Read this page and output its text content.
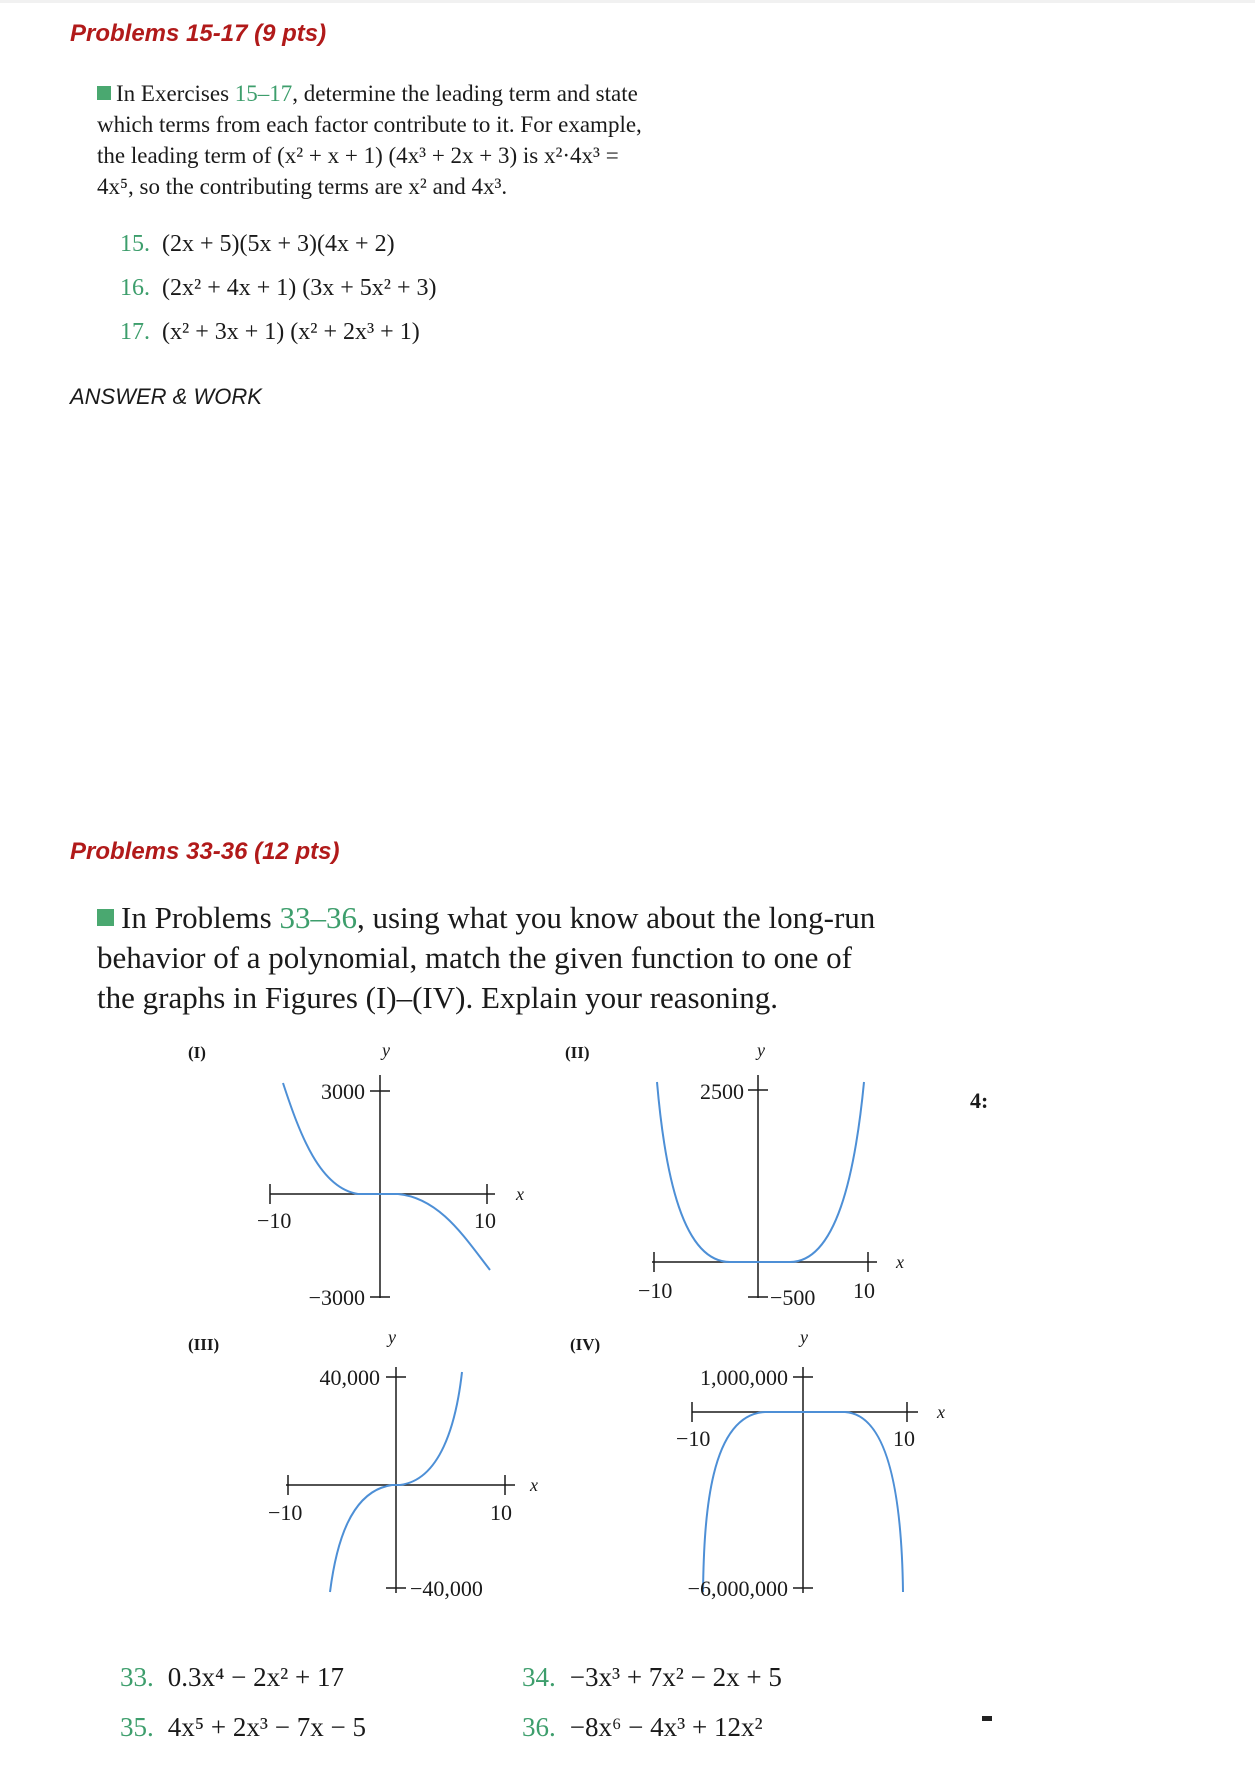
Problems 15-17 (9 pts)
In Exercises 15–17, determine the leading term and state
which terms from each factor contribute to it. For example,
the leading term of (x² + x + 1) (4x³ + 2x + 3) is x²·4x³ =
4x⁵, so the contributing terms are x² and 4x³.
15. (2x + 5)(5x + 3)(4x + 2)
16. (2x² + 4x + 1) (3x + 5x² + 3)
17. (x² + 3x + 1) (x² + 2x³ + 1)
ANSWER & WORK
Problems 33-36 (12 pts)
In Problems 33–36, using what you know about the long-run
behavior of a polynomial, match the given function to one of
the graphs in Figures (I)–(IV). Explain your reasoning.
(I)	y
x
3000
−3000
−10	10
(II)	y
x
2500
−500
−10	10
(III)	y
x
40,000
−40,000
−10	10
(IV)	y
x
1,000,000
−6,000,000
−10	10
33. 0.3x⁴ − 2x² + 17	34. −3x³ + 7x² − 2x + 5
35. 4x⁵ + 2x³ − 7x − 5	36. −8x⁶ − 4x³ + 12x²
4:
